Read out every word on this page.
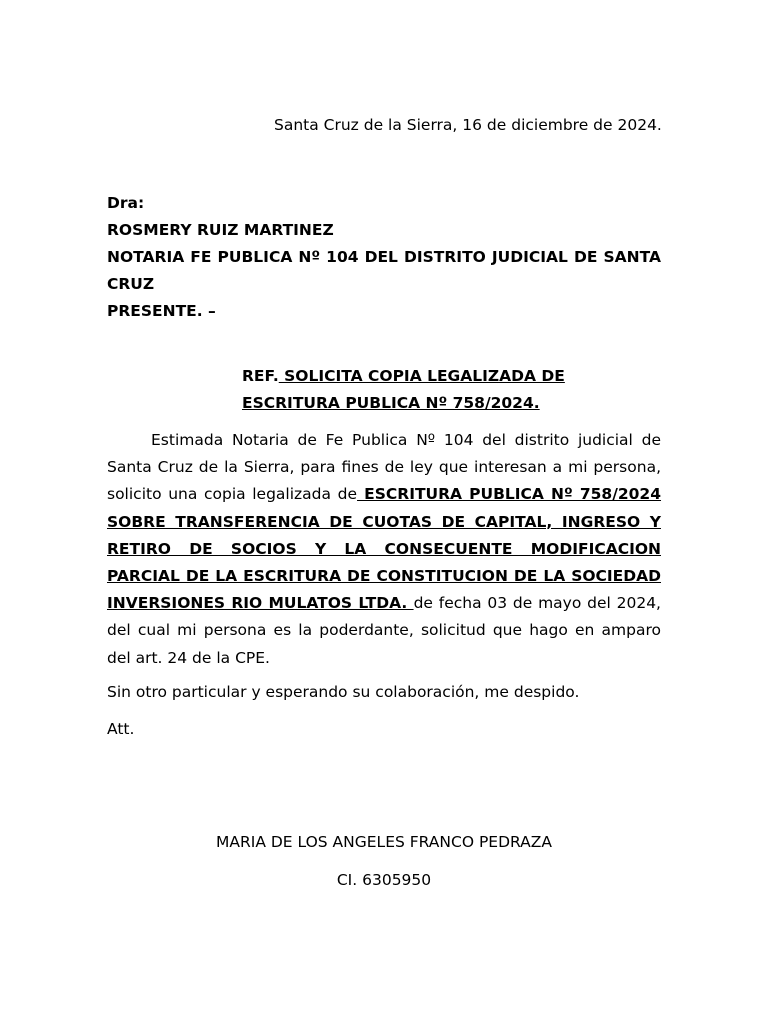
Santa Cruz de la Sierra, 16 de diciembre de 2024.
Dra:
ROSMERY RUIZ MARTINEZ
NOTARIA FE PUBLICA Nº 104 DEL DISTRITO JUDICIAL DE SANTA CRUZ
PRESENTE. –
REF. SOLICITA COPIA LEGALIZADA DE ESCRITURA PUBLICA Nº 758/2024.
Estimada Notaria de Fe Publica Nº 104 del distrito judicial de Santa Cruz de la Sierra, para fines de ley que interesan a mi persona, solicito una copia legalizada de ESCRITURA PUBLICA Nº 758/2024 SOBRE TRANSFERENCIA DE CUOTAS DE CAPITAL, INGRESO Y RETIRO DE SOCIOS Y LA CONSECUENTE MODIFICACION PARCIAL DE LA ESCRITURA DE CONSTITUCION DE LA SOCIEDAD INVERSIONES RIO MULATOS LTDA. de fecha 03 de mayo del 2024, del cual mi persona es la poderdante, solicitud que hago en amparo del art. 24 de la CPE.
Sin otro particular y esperando su colaboración, me despido.
Att.
MARIA DE LOS ANGELES FRANCO PEDRAZA
CI. 6305950
